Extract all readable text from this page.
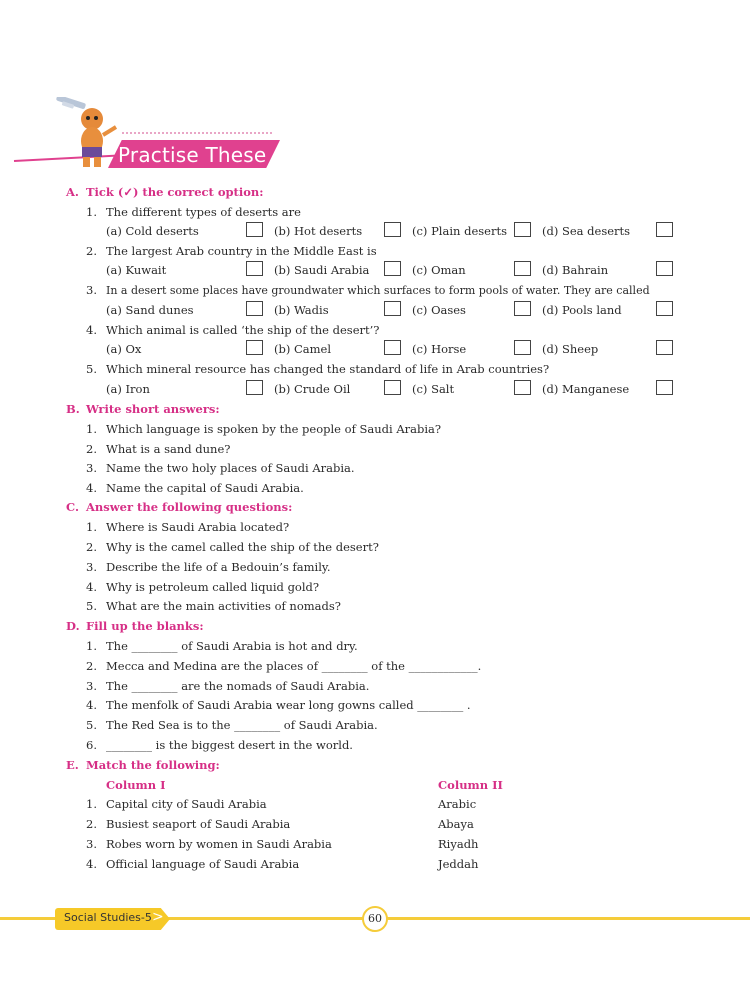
Practise These
A. Tick (✓) the correct option:
1. The different types of deserts are
(a) Cold deserts	(b) Hot deserts	(c) Plain deserts	(d) Sea deserts
2. The largest Arab country in the Middle East is
(a) Kuwait	(b) Saudi Arabia	(c) Oman	(d) Bahrain
3. In a desert some places have groundwater which surfaces to form pools of water. They are called
(a) Sand dunes	(b) Wadis	(c) Oases	(d) Pools land
4. Which animal is called ‘the ship of the desert’?
(a) Ox	(b) Camel	(c) Horse	(d) Sheep
5. Which mineral resource has changed the standard of life in Arab countries?
(a) Iron	(b) Crude Oil	(c) Salt	(d) Manganese
B. Write short answers:
1. Which language is spoken by the people of Saudi Arabia?
2. What is a sand dune?
3. Name the two holy places of Saudi Arabia.
4. Name the capital of Saudi Arabia.
C. Answer the following questions:
1. Where is Saudi Arabia located?
2. Why is the camel called the ship of the desert?
3. Describe the life of a Bedouin’s family.
4. Why is petroleum called liquid gold?
5. What are the main activities of nomads?
D. Fill up the blanks:
1. The ________ of Saudi Arabia is hot and dry.
2. Mecca and Medina are the places of ________ of the ____________.
3. The ________ are the nomads of Saudi Arabia.
4. The menfolk of Saudi Arabia wear long gowns called ________ .
5. The Red Sea is to the ________ of Saudi Arabia.
6. ________ is the biggest desert in the world.
E. Match the following:
Column I	Column II
1. Capital city of Saudi Arabia	Arabic
2. Busiest seaport of Saudi Arabia	Abaya
3. Robes worn by women in Saudi Arabia	Riyadh
4. Official language of Saudi Arabia	Jeddah
Social Studies-5 >	60
